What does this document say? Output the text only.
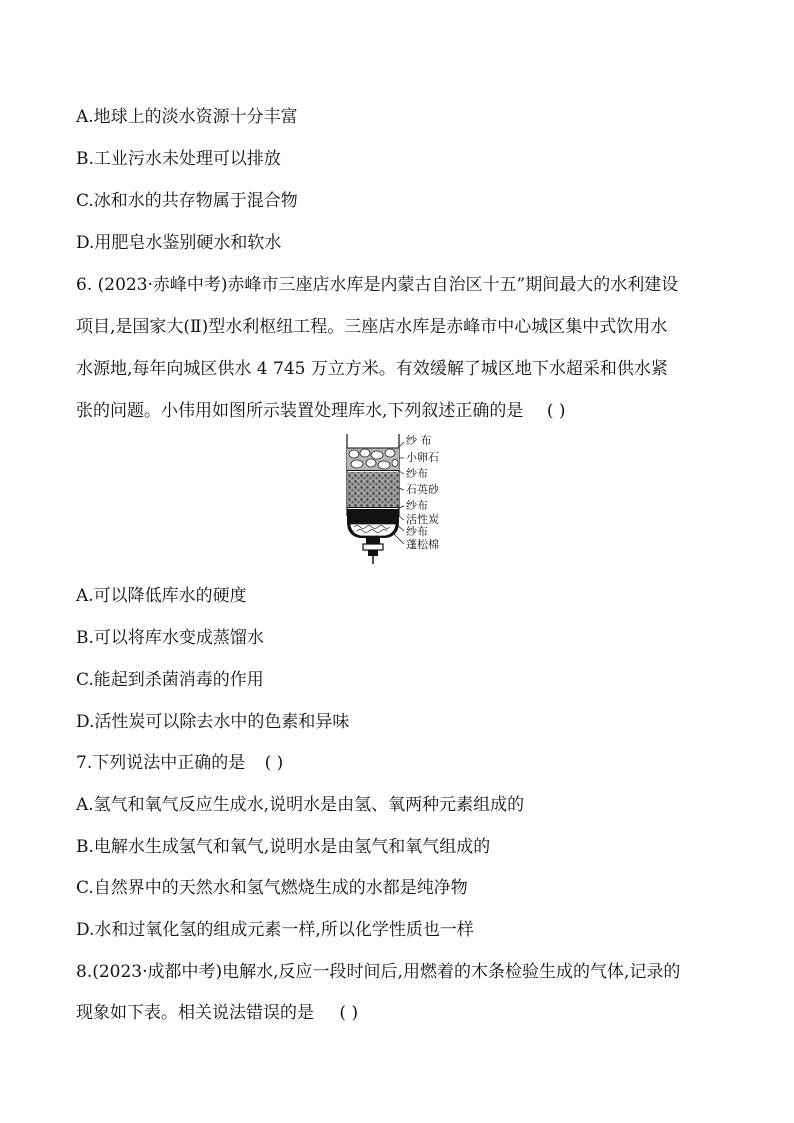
A.地球上的淡水资源十分丰富
B.工业污水未处理可以排放
C.冰和水的共存物属于混合物
D.用肥皂水鉴别硬水和软水
6. (2023·赤峰中考)赤峰市三座店水库是内蒙古自治区十五”期间最大的水利建设
项目,是国家大(Ⅱ)型水利枢纽工程。三座店水库是赤峰市中心城区集中式饮用水
水源地,每年向城区供水 4 745 万立方米。有效缓解了城区地下水超采和供水紧
张的问题。小伟用如图所示装置处理库水,下列叙述正确的是 ( )
纱 布
小卵石
纱布
石英砂
纱布
活性炭
纱布
蓬松棉
A.可以降低库水的硬度
B.可以将库水变成蒸馏水
C.能起到杀菌消毒的作用
D.活性炭可以除去水中的色素和异味
7.下列说法中正确的是 ( )
A.氢气和氧气反应生成水,说明水是由氢、氧两种元素组成的
B.电解水生成氢气和氧气,说明水是由氢气和氧气组成的
C.自然界中的天然水和氢气燃烧生成的水都是纯净物
D.水和过氧化氢的组成元素一样,所以化学性质也一样
8.(2023·成都中考)电解水,反应一段时间后,用燃着的木条检验生成的气体,记录的
现象如下表。相关说法错误的是 ( )
